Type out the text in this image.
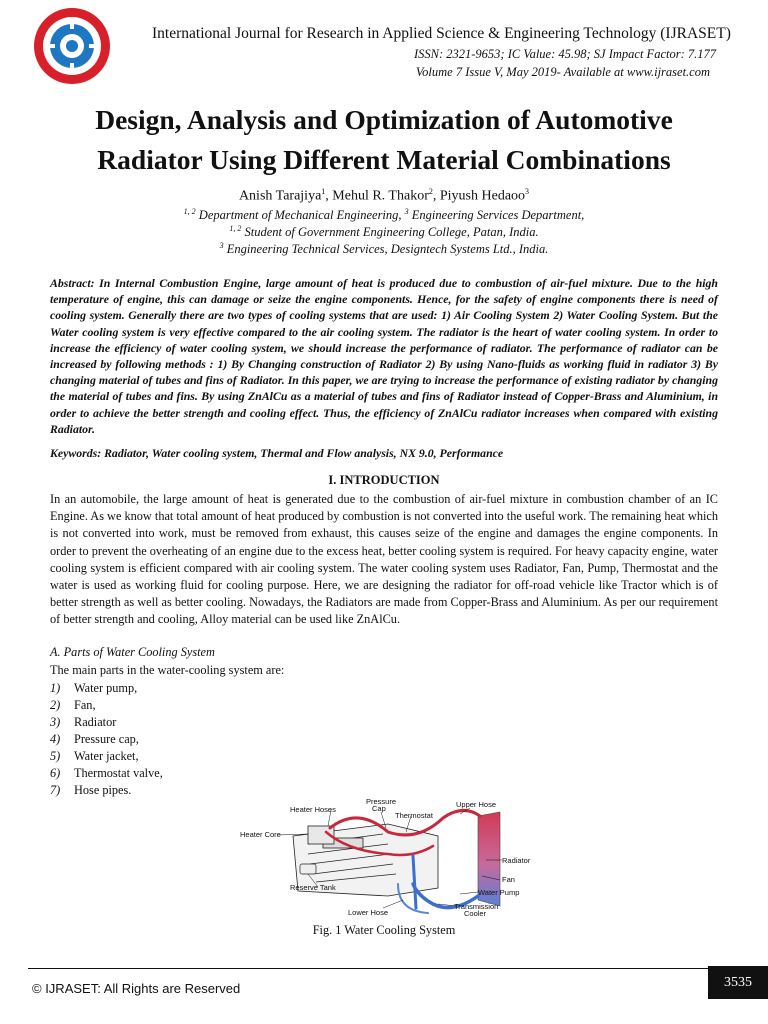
International Journal for Research in Applied Science & Engineering Technology (IJRASET)
ISSN: 2321-9653; IC Value: 45.98; SJ Impact Factor: 7.177
Volume 7 Issue V, May 2019- Available at www.ijraset.com
Design, Analysis and Optimization of Automotive
Radiator Using Different Material Combinations
Anish Tarajiya$^1$, Mehul R. Thakor$^2$, Piyush Hedaoo$^3$
$^{1, 2}$ Department of Mechanical Engineering, $^3$ Engineering Services Department,
$^{1, 2}$ Student of Government Engineering College, Patan, India.
$^3$ Engineering Technical Services, Designtech Systems Ltd., India.
Abstract: In Internal Combustion Engine, large amount of heat is produced due to combustion of air-fuel mixture. Due to the high temperature of engine, this can damage or seize the engine components. Hence, for the safety of engine components there is need of cooling system. Generally there are two types of cooling systems that are used: 1) Air Cooling System 2) Water Cooling System. But the Water cooling system is very effective compared to the air cooling system. The radiator is the heart of water cooling system. In order to increase the efficiency of water cooling system, we should increase the performance of radiator. The performance of radiator can be increased by following methods : 1) By Changing construction of Radiator 2) By using Nano-fluids as working fluid in radiator 3) By changing material of tubes and fins of Radiator. In this paper, we are trying to increase the performance of existing radiator by changing the material of tubes and fins. By using ZnAlCu as a material of tubes and fins of Radiator instead of Copper-Brass and Aluminium, in order to achieve the better strength and cooling effect. Thus, the efficiency of ZnAlCu radiator increases when compared with existing Radiator.
Keywords: Radiator, Water cooling system, Thermal and Flow analysis, NX 9.0, Performance
I. INTRODUCTION
In an automobile, the large amount of heat is generated due to the combustion of air-fuel mixture in combustion chamber of an IC Engine. As we know that total amount of heat produced by combustion is not converted into the useful work. The remaining heat which is not converted into work, must be removed from exhaust, this causes seize of the engine and damages the engine components. In order to prevent the overheating of an engine due to the excess heat, better cooling system is required. For heavy capacity engine, water cooling system is efficient compared with air cooling system. The water cooling system uses Radiator, Fan, Pump, Thermostat and the water is used as working fluid for cooling purpose. Here, we are designing the radiator for off-road vehicle like Tractor which is of better strength as well as better cooling. Nowadays, the Radiators are made from Copper-Brass and Aluminium. As per our requirement of better strength and cooling, Alloy material can be used like ZnAlCu.
A. Parts of Water Cooling System
The main parts in the water-cooling system are:
1)	Water pump,
2)	Fan,
3)	Radiator
4)	Pressure cap,
5)	Water jacket,
6)	Thermostat valve,
7)	Hose pipes.
Heater Hoses
Pressure
Cap
Thermostat
Upper Hose
Heater Core
Radiator
Fan
Reserve Tank
Water Pump
Lower Hose
Transmission
Cooler
Fig. 1 Water Cooling System
© IJRASET: All Rights are Reserved	3535
